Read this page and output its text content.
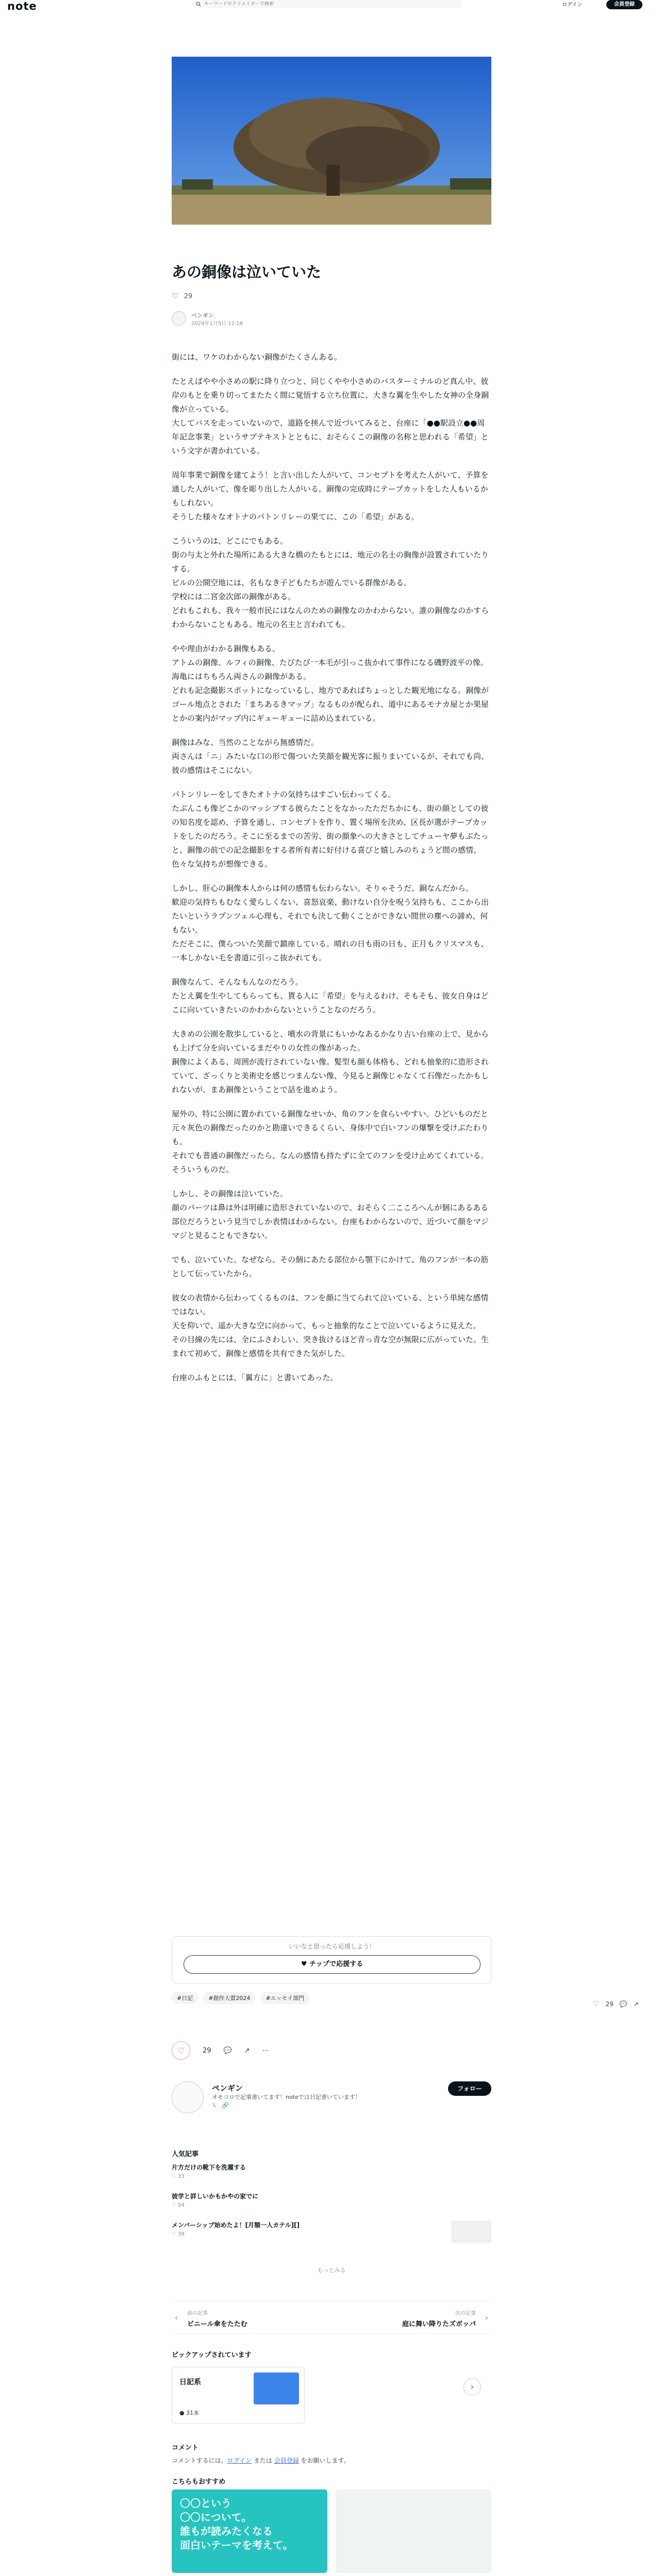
note
キーワードやクリエイターで検索	ログイン	会員登録
あの銅像は泣いていた
♡ 29
ペンギン
2024年1月5日 12:18

街には、ワケのわからない銅像がたくさんある。

たとえばやや小さめの駅に降り立つと、同じくやや小さめのバスターミナルのど真ん中、彼岸のもとを乗り切ってまたたく間に覚悟する立ち位置に、大きな翼を生やした女神の全身銅像が立っている。
大してバスを走っていないので、道路を挟んで近づいてみると、台座に「●●駅設立●●周年記念事業」というサブテキストとともに、おそらくこの銅像の名称と思われる「希望」という文字が書かれている。

周年事業で銅像を建てよう！と言い出した人がいて、コンセプトを考えた人がいて、予算を通した人がいて、像を彫り出した人がいる。銅像の完成時にテープカットをした人もいるかもしれない。
そうした様々なオトナのパトンリレーの果てに、この「希望」がある。

こういうのは、どこにでもある。
街の与太と外れた場所にある大きな橋のたもとには、地元の名士の胸像が設置されていたりする。
ビルの公開空地には、名もなき子どもたちが遊んでいる群像がある。
学校には二宮金次郎の銅像がある。
どれもこれも、我々一般市民にはなんのための銅像なのかわからない。誰の銅像なのかすらわからないこともある。地元の名主と言われても。

やや理由がわかる銅像もある。
アトムの銅像、ルフィの銅像、たびたび一本毛が引っこ抜かれて事件になる磯野波平の像。海亀にはちもろん両さんの銅像がある。
どれも記念撮影スポットになっているし、地方であればちょっとした観光地になる。銅像がゴール地点とされた「まちあるきマップ」なるものが配られ、道中にあるモナカ屋とか果屋とかの案内がマップ内にギューギューに詰め込まれている。

銅像はみな、当然のことながら無感情だ。
両さんは「ニ」みたいな口の形で傷ついた笑顔を観光客に振りまいているが、それでも尚、彼の感情はそこにない。

パトンリレーをしてきたオトナの気持ちはすごい伝わってくる。
たぶんこも像どこかのマッシブする彼らたことをなかったただちかにも、街の顔としての彼の知名度を認め、予算を通し、コンセプトを作り、置く場所を決め、区長が選がテープカットをしたのだろう。そこに至るまでの苦労、街の顔象への大きさとしてチューヤ夢もぶたっと、銅像の前での記念撮影をする者所有者に好付ける喜びと嬉しみのちょうど間の感情、色々な気持ちが想像できる。

しかし、肝心の銅像本人からは何の感情も伝わらない。そりゃそうだ、銅なんだから。
歓迎の気持ちもむなく愛らしくない、喜怒哀楽、動けない自分を呪う気持ちも、ここから出たいというラプンツェル心理も、それでも決して動くことができない間世の塵への諦め、何もない。
ただそこに、僕らついた笑顔で鎮座している。晴れの日も雨の日も、正月もクリスマスも、一本しかない毛を書道に引っこ抜かれても。

銅像なんて、そんなもんなのだろう。
たとえ翼を生やしてもらっても、貰る人に「希望」を与えるわけ、そもそも、彼女自身はどこに向いていきたいのかわからないということなのだろう。

大きめの公園を散歩していると、噴水の背景にもいかなあるかなり古い台座の上で、見からも上げて分を向いているまだやりの女性の像があった。
銅像によくある、周囲が流行されていない像。髪型も顔も体格も、どれも抽象的に造形されていて、ざっくりと美術史を感じつまんない像、今見ると銅像じゃなくて石像だったかもしれないが、まあ銅像ということで話を進めよう。

屋外の、特に公園に置かれている銅像なせいか、角のフンを食らいやすい。ひどいものだと元々灰色の銅像だったのかと勘違いできるくらい、身体中で白いフンの爆撃を受けぶたわりも。
それでも普通の銅像だったら、なんの感情も持たずに全てのフンを受け止めてくれている。そういうものだ。

しかし、その銅像は泣いていた。
顔のパーツは鼻は外は明確に造形されていないので、おそらく二こころへんが個にあるある部位だろうという見当でしか表情はわからない。台座もわからないので、近づいて顔をマジマジと見ることもできない。

でも、泣いていた。なぜなら、その個にあたる部位から顎下にかけて、角のフンが一本の筋として伝っていたから。

彼女の表情から伝わってくるものは、フンを顔に当てられて泣いている、という単純な感情ではない。
天を仰いで、遥か大きな空に向かって、もっと抽象的なことで泣いているように見えた。
その目線の先には、全にふさわしい、突き抜けるほど青っ青な空が無限に広がっていた。生まれて初めて、銅像と感情を共有できた気がした。

台座のふもとには、「翼方に」と書いてあった。

いいなと思ったら応援しよう！
♥ チップで応援する
#日記	#創作大賞2024	#エッセイ部門
♡ 29 💬 ↗
♡	29 💬 ↗ ⋯
ペンギン
オモコロで記事書いてます！noteでは日記書いています！
𝕏 🔗
フォロー
人気記事
片方だけの靴下を洗濯する
♡ 33
彼学と詳しいかもかやの家でに
♡ 54
メンバーシップ始めたよ！[月額一人カテル][]
♡ 38
もっとみる
‹ 前の記事
ビニール傘をたたむ
次の記事
庭に舞い降りたズボッパ
›
ピックアップされています
日記系
● 31本
›
コメント
コメントするには、ログイン または 会員登録 をお願いします。
こちらもおすすめ
〇〇という
〇〇について。
誰もが読みたくなる
面白いテーマを考えて。
